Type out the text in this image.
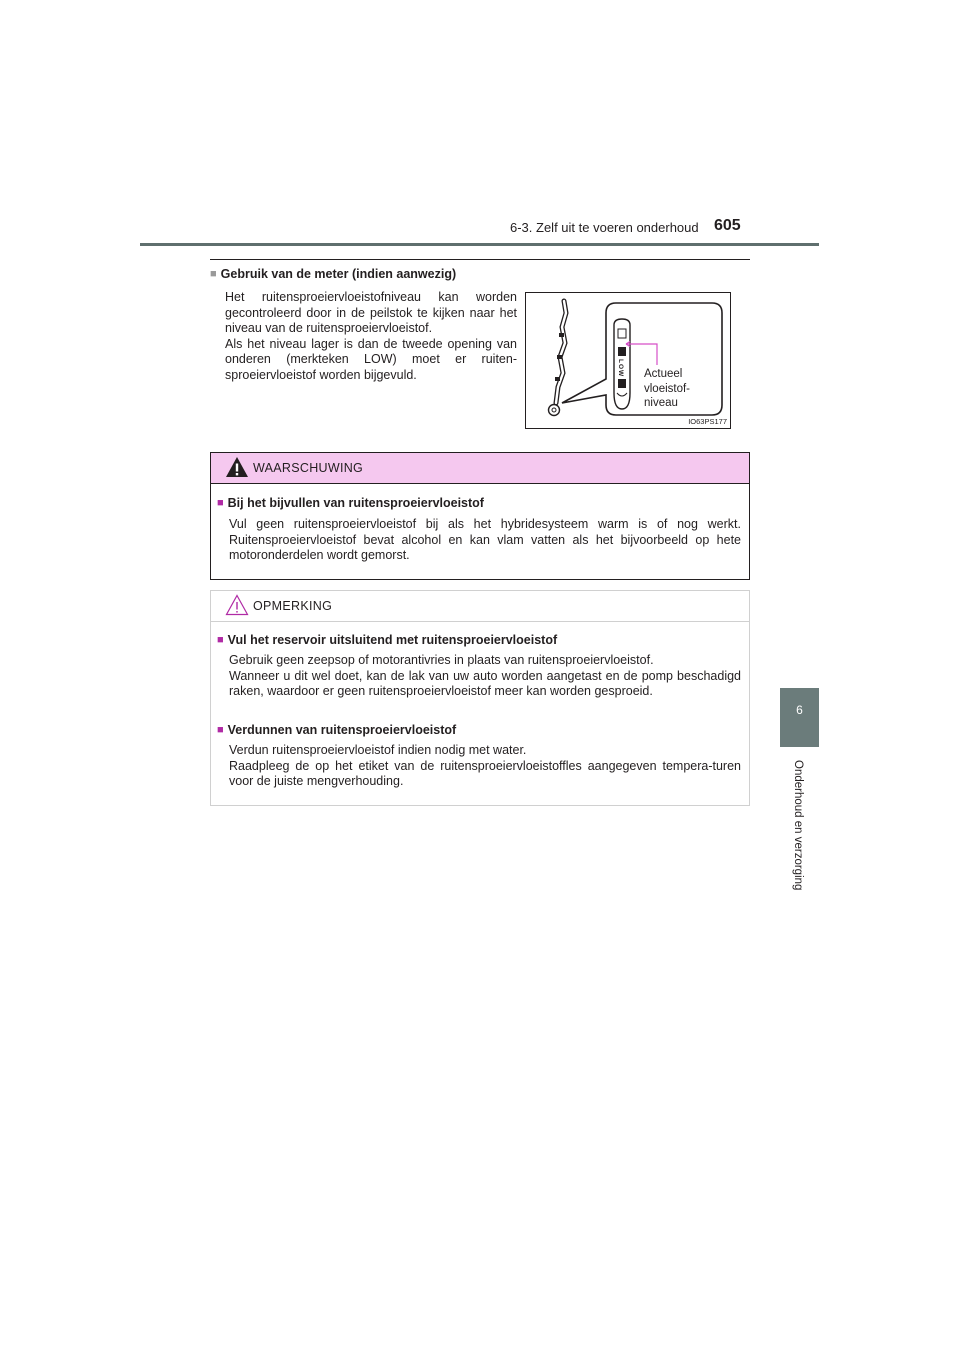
6-3. Zelf uit te voeren onderhoud 605
6
Onderhoud en verzorging
■ Gebruik van de meter (indien aanwezig)
Het ruitensproeiervloeistofniveau kan worden gecontroleerd door in de peilstok te kijken naar het niveau van de ruitensproeiervloeistof.
Als het niveau lager is dan de tweede opening van onderen (merkteken LOW) moet er ruiten-sproeiervloeistof worden bijgevuld.	LOW Actueel
vloeistof-
niveau
IO63PS177
WAARSCHUWING
■ Bij het bijvullen van ruitensproeiervloeistof

Vul geen ruitensproeiervloeistof bij als het hybridesysteem warm is of nog werkt. Ruitensproeiervloeistof bevat alcohol en kan vlam vatten als het bijvoorbeeld op hete motoronderdelen wordt gemorst.

OPMERKING
■ Vul het reservoir uitsluitend met ruitensproeiervloeistof

Gebruik geen zeepsop of motorantivries in plaats van ruitensproeiervloeistof.

Wanneer u dit wel doet, kan de lak van uw auto worden aangetast en de pomp beschadigd raken, waardoor er geen ruitensproeiervloeistof meer kan worden gesproeid.

■ Verdunnen van ruitensproeiervloeistof

Verdun ruitensproeiervloeistof indien nodig met water.

Raadpleeg de op het etiket van de ruitensproeiervloeistoffles aangegeven tempera-turen voor de juiste mengverhouding.
